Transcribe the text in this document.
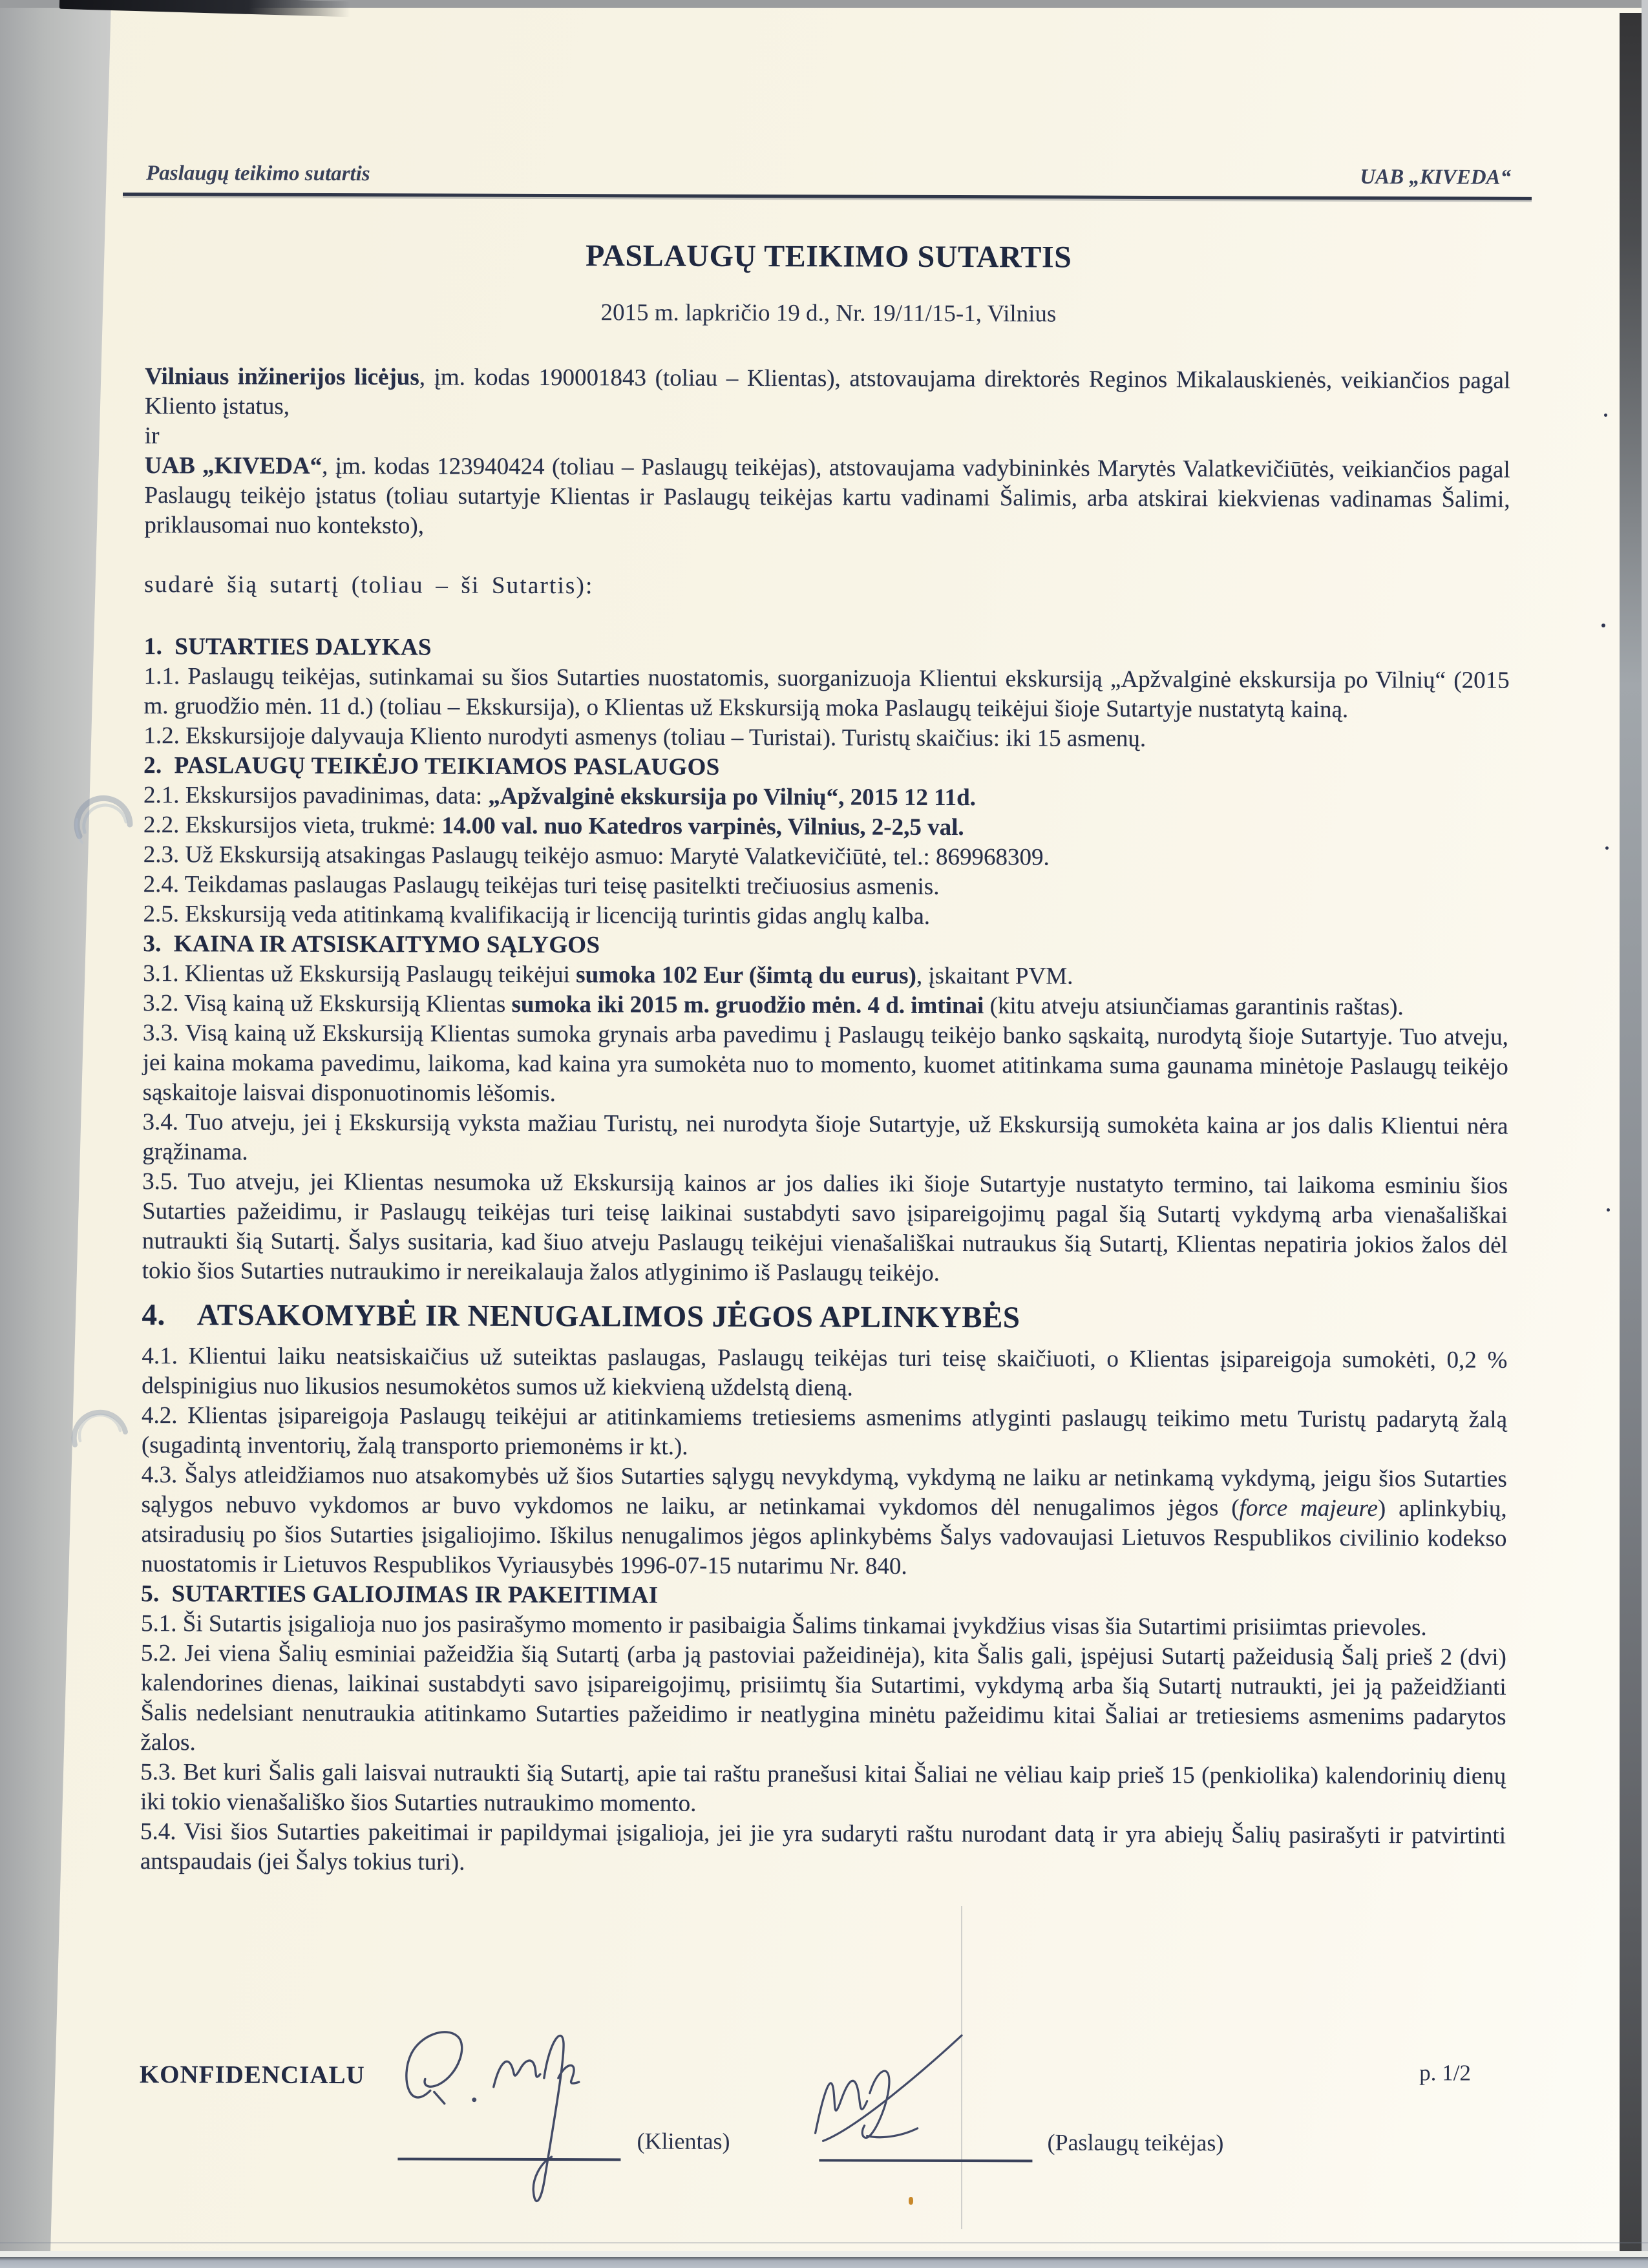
Paslaugų teikimo sutartis	UAB „KIVEDA“
PASLAUGŲ TEIKIMO SUTARTIS
2015 m. lapkričio 19 d., Nr. 19/11/15-1, Vilnius

Vilniaus inžinerijos licėjus, įm. kodas 190001843 (toliau – Klientas), atstovaujama direktorės Reginos Mikalauskienės, veikiančios pagal Kliento įstatus,

ir

UAB „KIVEDA“, įm. kodas 123940424 (toliau – Paslaugų teikėjas), atstovaujama vadybininkės Marytės Valatkevičiūtės, veikiančios pagal Paslaugų teikėjo įstatus (toliau sutartyje Klientas ir Paslaugų teikėjas kartu vadinami Šalimis, arba atskirai kiekvienas vadinamas Šalimi, priklausomai nuo konteksto),

sudarė šią sutartį (toliau – ši Sutartis):

1.  SUTARTIES DALYKAS

1.1. Paslaugų teikėjas, sutinkamai su šios Sutarties nuostatomis, suorganizuoja Klientui ekskursiją „Apžvalginė ekskursija po Vilnių“ (2015 m. gruodžio mėn. 11 d.) (toliau – Ekskursija), o Klientas už Ekskursiją moka Paslaugų teikėjui šioje Sutartyje nustatytą kainą.

1.2. Ekskursijoje dalyvauja Kliento nurodyti asmenys (toliau – Turistai). Turistų skaičius: iki 15 asmenų.

2.  PASLAUGŲ TEIKĖJO TEIKIAMOS PASLAUGOS

2.1. Ekskursijos pavadinimas, data: „Apžvalginė ekskursija po Vilnių“, 2015 12 11d.

2.2. Ekskursijos vieta, trukmė: 14.00 val. nuo Katedros varpinės, Vilnius, 2-2,5 val.

2.3. Už Ekskursiją atsakingas Paslaugų teikėjo asmuo: Marytė Valatkevičiūtė, tel.: 869968309.

2.4. Teikdamas paslaugas Paslaugų teikėjas turi teisę pasitelkti trečiuosius asmenis.

2.5. Ekskursiją veda atitinkamą kvalifikaciją ir licenciją turintis gidas anglų kalba.

3.  KAINA IR ATSISKAITYMO SĄLYGOS

3.1. Klientas už Ekskursiją Paslaugų teikėjui sumoka 102 Eur (šimtą du eurus), įskaitant PVM.

3.2. Visą kainą už Ekskursiją Klientas sumoka iki 2015 m. gruodžio mėn. 4 d. imtinai (kitu atveju atsiunčiamas garantinis raštas).

3.3. Visą kainą už Ekskursiją Klientas sumoka grynais arba pavedimu į Paslaugų teikėjo banko sąskaitą, nurodytą šioje Sutartyje. Tuo atveju, jei kaina mokama pavedimu, laikoma, kad kaina yra sumokėta nuo to momento, kuomet atitinkama suma gaunama minėtoje Paslaugų teikėjo sąskaitoje laisvai disponuotinomis lėšomis.

3.4. Tuo atveju, jei į Ekskursiją vyksta mažiau Turistų, nei nurodyta šioje Sutartyje, už Ekskursiją sumokėta kaina ar jos dalis Klientui nėra grąžinama.

3.5. Tuo atveju, jei Klientas nesumoka už Ekskursiją kainos ar jos dalies iki šioje Sutartyje nustatyto termino, tai laikoma esminiu šios Sutarties pažeidimu, ir Paslaugų teikėjas turi teisę laikinai sustabdyti savo įsipareigojimų pagal šią Sutartį vykdymą arba vienašališkai nutraukti šią Sutartį. Šalys susitaria, kad šiuo atveju Paslaugų teikėjui vienašališkai nutraukus šią Sutartį, Klientas nepatiria jokios žalos dėl tokio šios Sutarties nutraukimo ir nereikalauja žalos atlyginimo iš Paslaugų teikėjo.

4.    ATSAKOMYBĖ IR NENUGALIMOS JĖGOS APLINKYBĖS

4.1. Klientui laiku neatsiskaičius už suteiktas paslaugas, Paslaugų teikėjas turi teisę skaičiuoti, o Klientas įsipareigoja sumokėti, 0,2 % delspinigius nuo likusios nesumokėtos sumos už kiekvieną uždelstą dieną.

4.2. Klientas įsipareigoja Paslaugų teikėjui ar atitinkamiems tretiesiems asmenims atlyginti paslaugų teikimo metu Turistų padarytą žalą (sugadintą inventorių, žalą transporto priemonėms ir kt.).

4.3. Šalys atleidžiamos nuo atsakomybės už šios Sutarties sąlygų nevykdymą, vykdymą ne laiku ar netinkamą vykdymą, jeigu šios Sutarties sąlygos nebuvo vykdomos ar buvo vykdomos ne laiku, ar netinkamai vykdomos dėl nenugalimos jėgos (force majeure) aplinkybių, atsiradusių po šios Sutarties įsigaliojimo. Iškilus nenugalimos jėgos aplinkybėms Šalys vadovaujasi Lietuvos Respublikos civilinio kodekso nuostatomis ir Lietuvos Respublikos Vyriausybės 1996-07-15 nutarimu Nr. 840.

5.  SUTARTIES GALIOJIMAS IR PAKEITIMAI

5.1. Ši Sutartis įsigalioja nuo jos pasirašymo momento ir pasibaigia Šalims tinkamai įvykdžius visas šia Sutartimi prisiimtas prievoles.

5.2. Jei viena Šalių esminiai pažeidžia šią Sutartį (arba ją pastoviai pažeidinėja), kita Šalis gali, įspėjusi Sutartį pažeidusią Šalį prieš 2 (dvi) kalendorines dienas, laikinai sustabdyti savo įsipareigojimų, prisiimtų šia Sutartimi, vykdymą arba šią Sutartį nutraukti, jei ją pažeidžianti Šalis nedelsiant nenutraukia atitinkamo Sutarties pažeidimo ir neatlygina minėtu pažeidimu kitai Šaliai ar tretiesiems asmenims padarytos žalos.

5.3. Bet kuri Šalis gali laisvai nutraukti šią Sutartį, apie tai raštu pranešusi kitai Šaliai ne vėliau kaip prieš 15 (penkiolika) kalendorinių dienų iki tokio vienašališko šios Sutarties nutraukimo momento.

5.4. Visi šios Sutarties pakeitimai ir papildymai įsigalioja, jei jie yra sudaryti raštu nurodant datą ir yra abiejų Šalių pasirašyti ir patvirtinti antspaudais (jei Šalys tokius turi).

KONFIDENCIALU
(Klientas)	(Paslaugų teikėjas)
p. 1/2
